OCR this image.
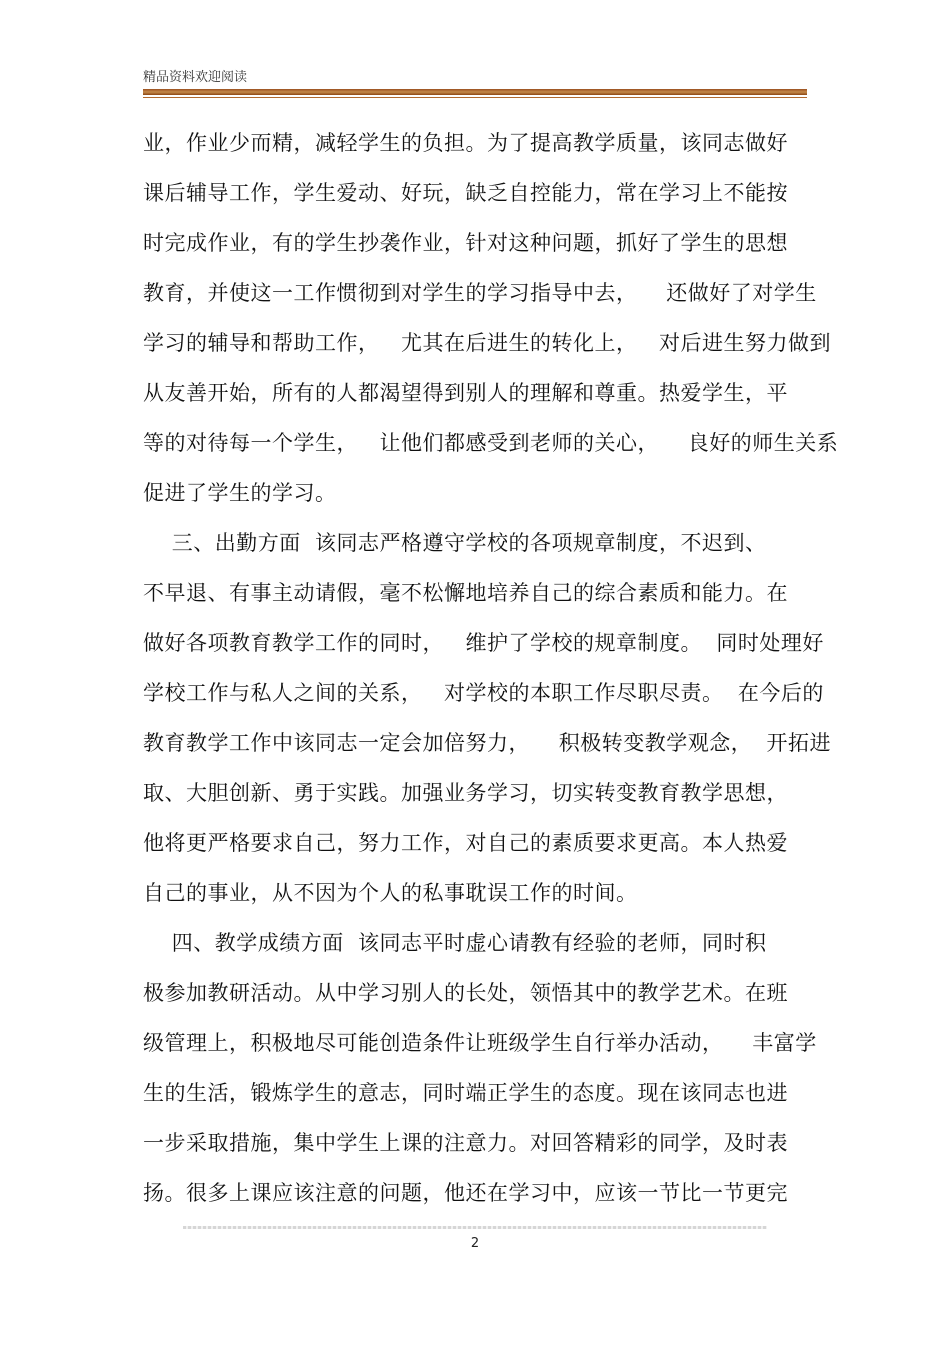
精品资料欢迎阅读
业，作业少而精，减轻学生的负担。为了提高教学质量，该同志做好
课后辅导工作，学生爱动、好玩，缺乏自控能力，常在学习上不能按
时完成作业，有的学生抄袭作业，针对这种问题，抓好了学生的思想
教育，并使这一工作惯彻到对学生的学习指导中去，    还做好了对学生
学习的辅导和帮助工作，   尤其在后进生的转化上，   对后进生努力做到
从友善开始，所有的人都渴望得到别人的理解和尊重。热爱学生，平
等的对待每一个学生，   让他们都感受到老师的关心，    良好的师生关系
促进了学生的学习。
三、出勤方面  该同志严格遵守学校的各项规章制度，不迟到、
不早退、有事主动请假，毫不松懈地培养自己的综合素质和能力。在
做好各项教育教学工作的同时，   维护了学校的规章制度。  同时处理好
学校工作与私人之间的关系，   对学校的本职工作尽职尽责。  在今后的
教育教学工作中该同志一定会加倍努力，    积极转变教学观念，  开拓进
取、大胆创新、勇于实践。加强业务学习，切实转变教育教学思想，
他将更严格要求自己，努力工作，对自己的素质要求更高。本人热爱
自己的事业，从不因为个人的私事耽误工作的时间。
四、教学成绩方面  该同志平时虚心请教有经验的老师，同时积
极参加教研活动。从中学习别人的长处，领悟其中的教学艺术。在班
级管理上，积极地尽可能创造条件让班级学生自行举办活动，    丰富学
生的生活，锻炼学生的意志，同时端正学生的态度。现在该同志也进
一步采取措施，集中学生上课的注意力。对回答精彩的同学，及时表
扬。很多上课应该注意的问题，他还在学习中，应该一节比一节更完
2
